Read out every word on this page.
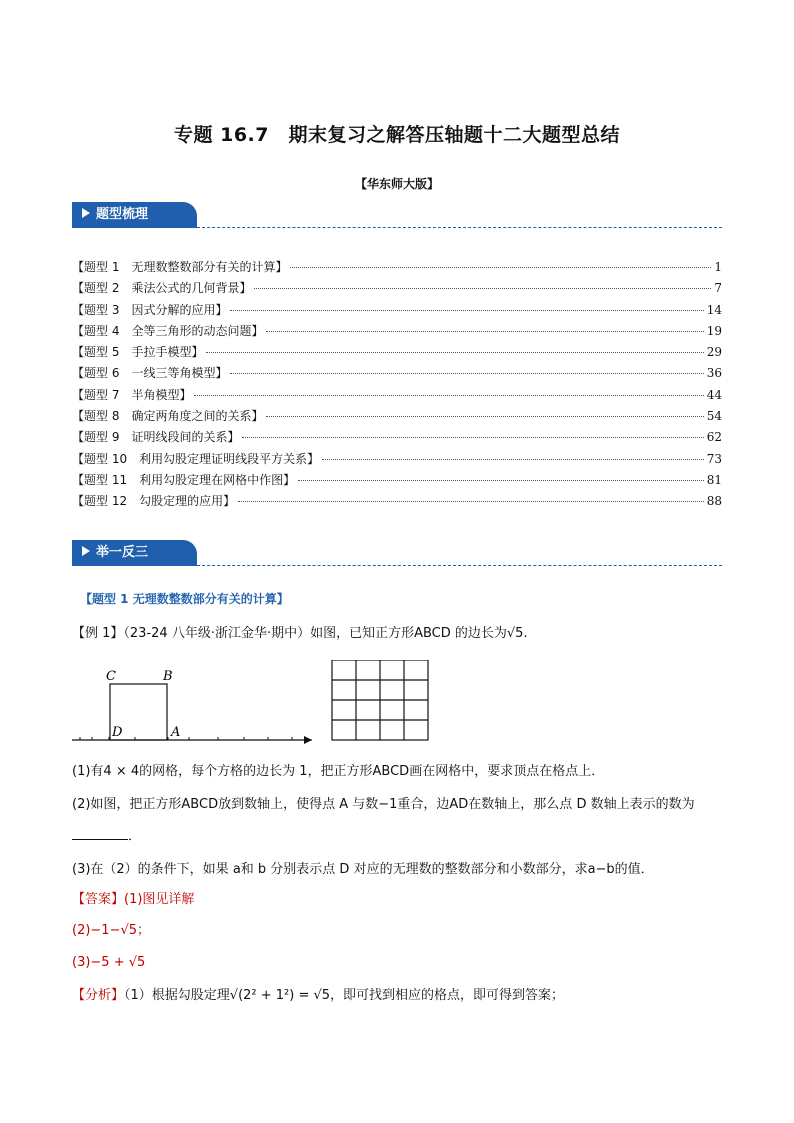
专题 16.7　期末复习之解答压轴题十二大题型总结
【华东师大版】
题型梳理
【题型 1　无理数整数部分有关的计算】	1
【题型 2　乘法公式的几何背景】	7
【题型 3　因式分解的应用】	14
【题型 4　全等三角形的动态问题】	19
【题型 5　手拉手模型】	29
【题型 6　一线三等角模型】	36
【题型 7　半角模型】	44
【题型 8　确定两角度之间的关系】	54
【题型 9　证明线段间的关系】	62
【题型 10　利用勾股定理证明线段平方关系】	73
【题型 11　利用勾股定理在网格中作图】	81
【题型 12　勾股定理的应用】	88
举一反三
【题型 1 无理数整数部分有关的计算】
【例 1】（23-24 八年级·浙江金华·期中）如图，已知正方形ABCD 的边长为√5.
C	B
D	A
(1)有4 × 4的网格，每个方格的边长为 1，把正方形ABCD画在网格中，要求顶点在格点上．
(2)如图，把正方形ABCD放到数轴上，使得点 A 与数−1重合，边AD在数轴上，那么点 D 数轴上表示的数为
．
(3)在（2）的条件下，如果 a和 b 分别表示点 D 对应的无理数的整数部分和小数部分，求a−b的值．
【答案】(1)图见详解
(2)−1−√5；
(3)−5 + √5
【分析】（1）根据勾股定理√(2² + 1²) = √5，即可找到相应的格点，即可得到答案；
